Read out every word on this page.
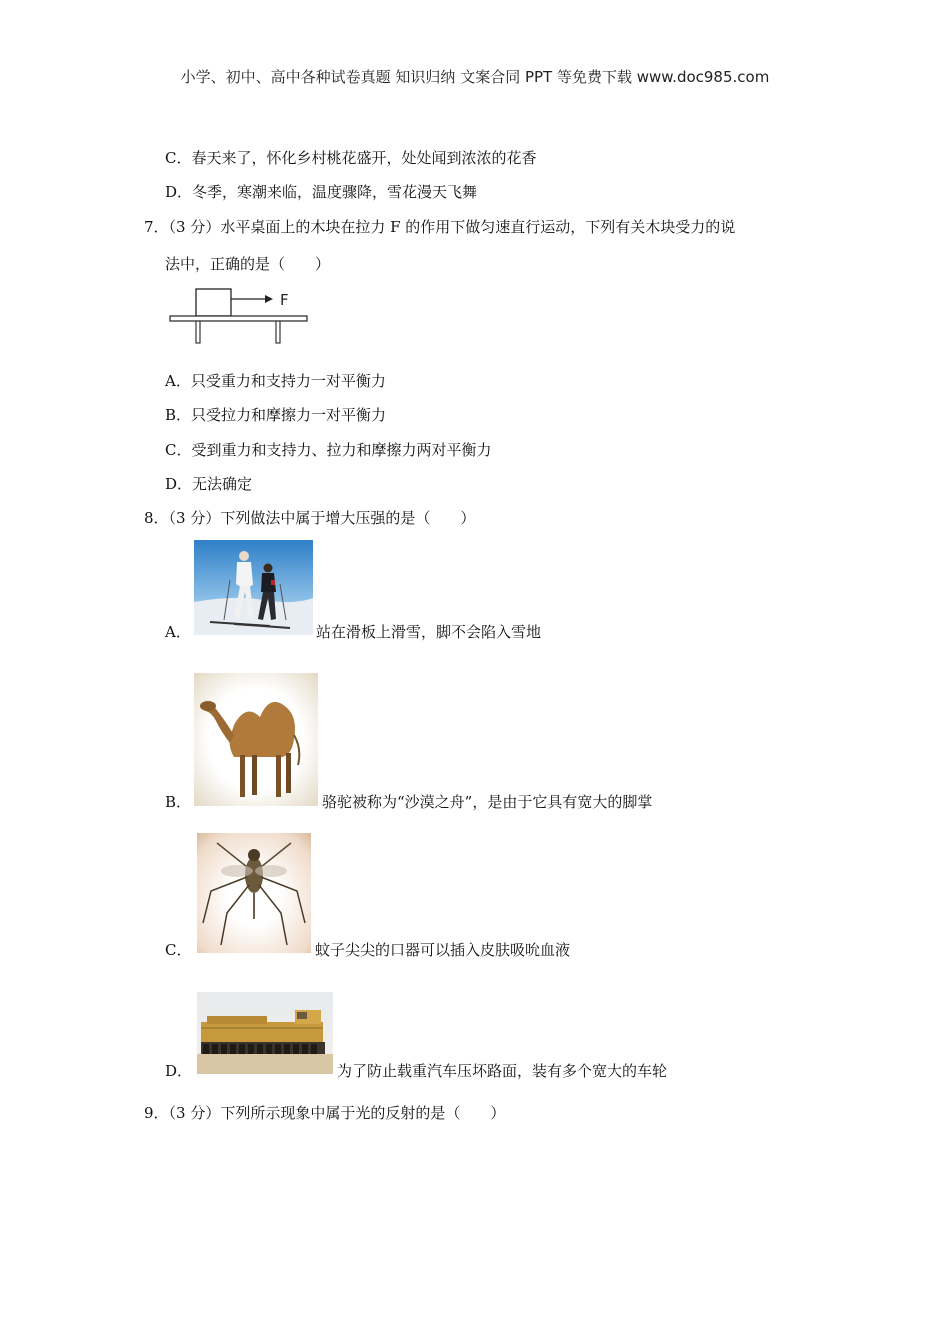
小学、初中、高中各种试卷真题 知识归纳 文案合同 PPT 等免费下载 www.doc985.com
C．春天来了，怀化乡村桃花盛开，处处闻到浓浓的花香
D．冬季，寒潮来临，温度骤降，雪花漫天飞舞
7．（3 分）水平桌面上的木块在拉力 F 的作用下做匀速直行运动，下列有关木块受力的说
法中，正确的是（　　）
F
A．只受重力和支持力一对平衡力
B．只受拉力和摩擦力一对平衡力
C．受到重力和支持力、拉力和摩擦力两对平衡力
D．无法确定
8．（3 分）下列做法中属于增大压强的是（　　）
A．	站在滑板上滑雪，脚不会陷入雪地
B．	骆驼被称为“沙漠之舟”，是由于它具有宽大的脚掌
C．	蚊子尖尖的口器可以插入皮肤吸吮血液
D．	为了防止载重汽车压坏路面，装有多个宽大的车轮
9．（3 分）下列所示现象中属于光的反射的是（　　）
